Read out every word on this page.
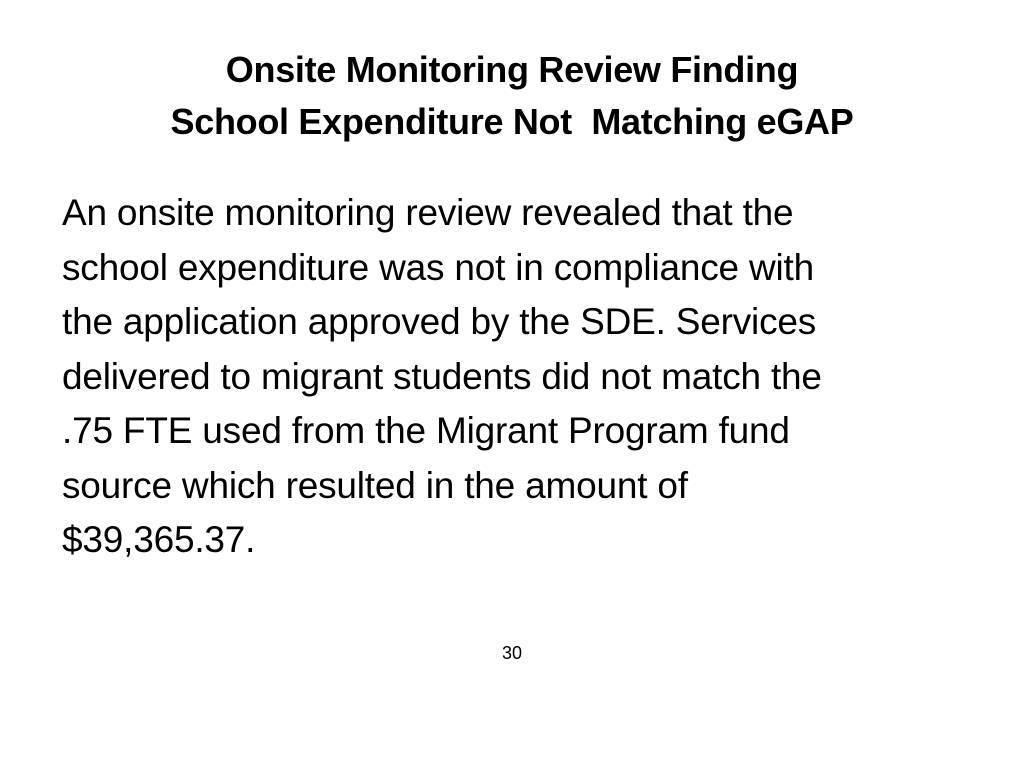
Onsite Monitoring Review Finding
School Expenditure Not  Matching eGAP
An onsite monitoring review revealed that the
school expenditure was not in compliance with
the application approved by the SDE. Services
delivered to migrant students did not match the
.75 FTE used from the Migrant Program fund
source which resulted in the amount of
$39,365.37.
30
